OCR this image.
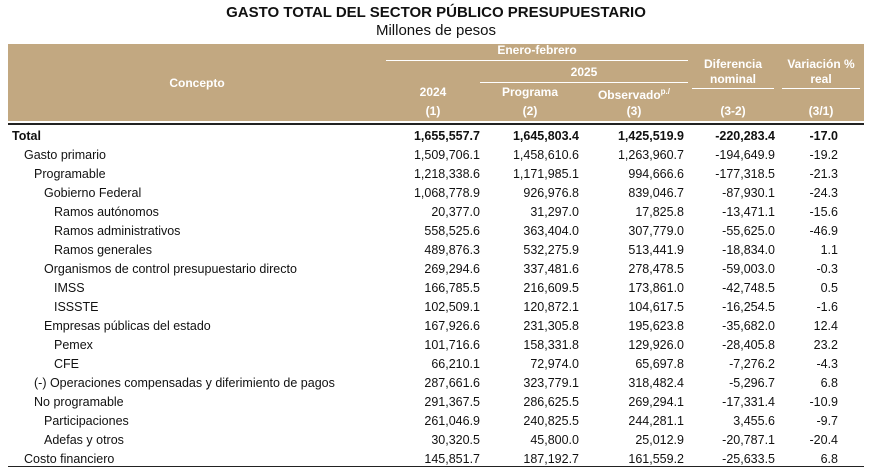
GASTO TOTAL DEL SECTOR PÚBLICO PRESUPUESTARIO
Millones de pesos
Concepto
Enero-febrero
2025
2024
(1)
Programa
(2)
Observado$^{p./}$
(3)
Diferencia
nominal
(3-2)
Variación %
real
(3/1)
Total	1,655,557.7	1,645,803.4	1,425,519.9	-220,283.4	-17.0
Gasto primario	1,509,706.1	1,458,610.6	1,263,960.7	-194,649.9	-19.2
Programable	1,218,338.6	1,171,985.1	994,666.6	-177,318.5	-21.3
Gobierno Federal	1,068,778.9	926,976.8	839,046.7	-87,930.1	-24.3
Ramos autónomos	20,377.0	31,297.0	17,825.8	-13,471.1	-15.6
Ramos administrativos	558,525.6	363,404.0	307,779.0	-55,625.0	-46.9
Ramos generales	489,876.3	532,275.9	513,441.9	-18,834.0	1.1
Organismos de control presupuestario directo	269,294.6	337,481.6	278,478.5	-59,003.0	-0.3
IMSS	166,785.5	216,609.5	173,861.0	-42,748.5	0.5
ISSSTE	102,509.1	120,872.1	104,617.5	-16,254.5	-1.6
Empresas públicas del estado	167,926.6	231,305.8	195,623.8	-35,682.0	12.4
Pemex	101,716.6	158,331.8	129,926.0	-28,405.8	23.2
CFE	66,210.1	72,974.0	65,697.8	-7,276.2	-4.3
(-) Operaciones compensadas y diferimiento de pagos	287,661.6	323,779.1	318,482.4	-5,296.7	6.8
No programable	291,367.5	286,625.5	269,294.1	-17,331.4	-10.9
Participaciones	261,046.9	240,825.5	244,281.1	3,455.6	-9.7
Adefas y otros	30,320.5	45,800.0	25,012.9	-20,787.1	-20.4
Costo financiero	145,851.7	187,192.7	161,559.2	-25,633.5	6.8
